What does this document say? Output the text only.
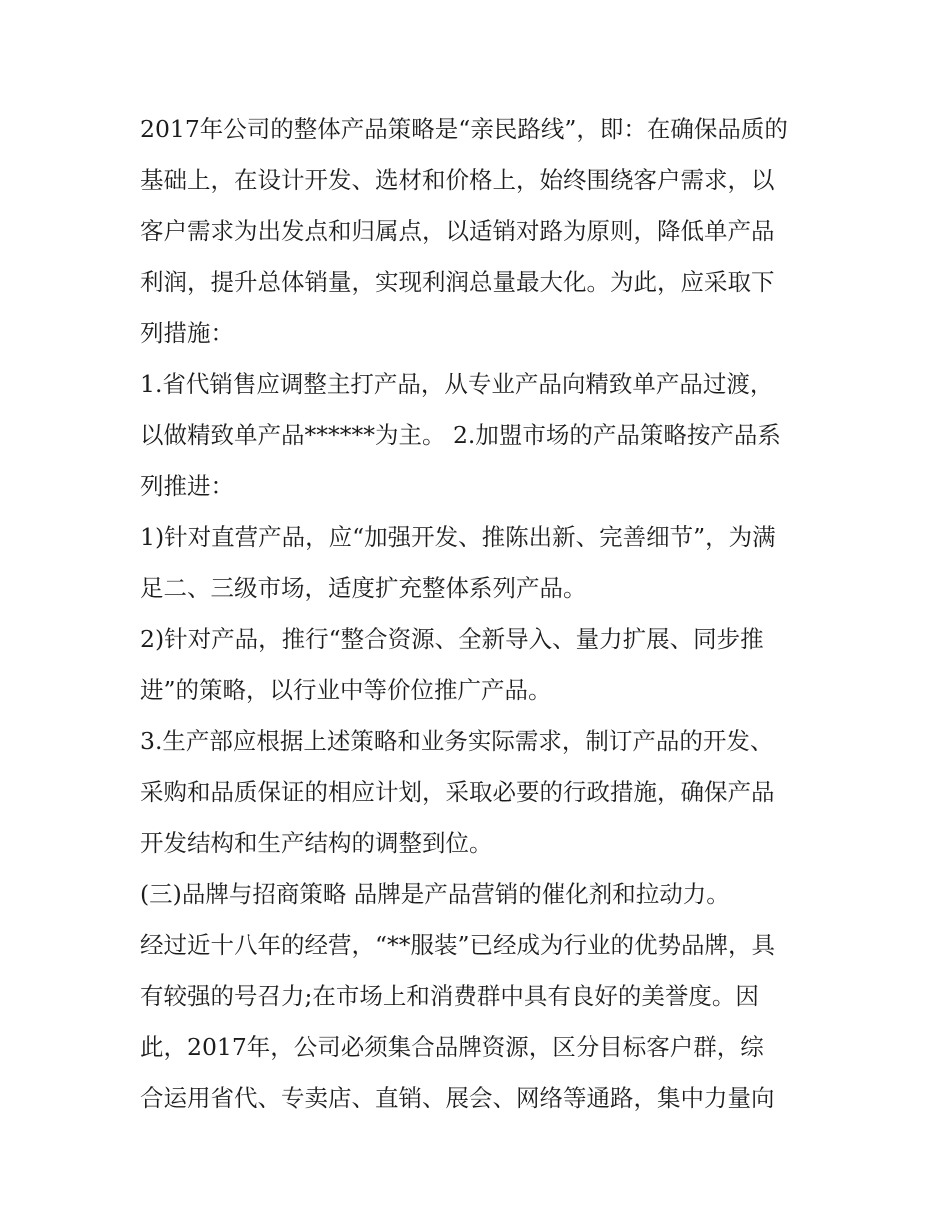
2017年公司的整体产品策略是“亲民路线”，即：在确保品质的
基础上，在设计开发、选材和价格上，始终围绕客户需求，以
客户需求为出发点和归属点，以适销对路为原则，降低单产品
利润，提升总体销量，实现利润总量最大化。为此，应采取下
列措施：
1.省代销售应调整主打产品，从专业产品向精致单产品过渡，
以做精致单产品******为主。 2.加盟市场的产品策略按产品系
列推进：
1)针对直营产品，应“加强开发、推陈出新、完善细节”，为满
足二、三级市场，适度扩充整体系列产品。
2)针对产品，推行“整合资源、全新导入、量力扩展、同步推
进”的策略，以行业中等价位推广产品。
3.生产部应根据上述策略和业务实际需求，制订产品的开发、
采购和品质保证的相应计划，采取必要的行政措施，确保产品
开发结构和生产结构的调整到位。
(三)品牌与招商策略 品牌是产品营销的催化剂和拉动力。
经过近十八年的经营，“**服装”已经成为行业的优势品牌，具
有较强的号召力;在市场上和消费群中具有良好的美誉度。因
此，2017年，公司必须集合品牌资源，区分目标客户群，综
合运用省代、专卖店、直销、展会、网络等通路，集中力量向
